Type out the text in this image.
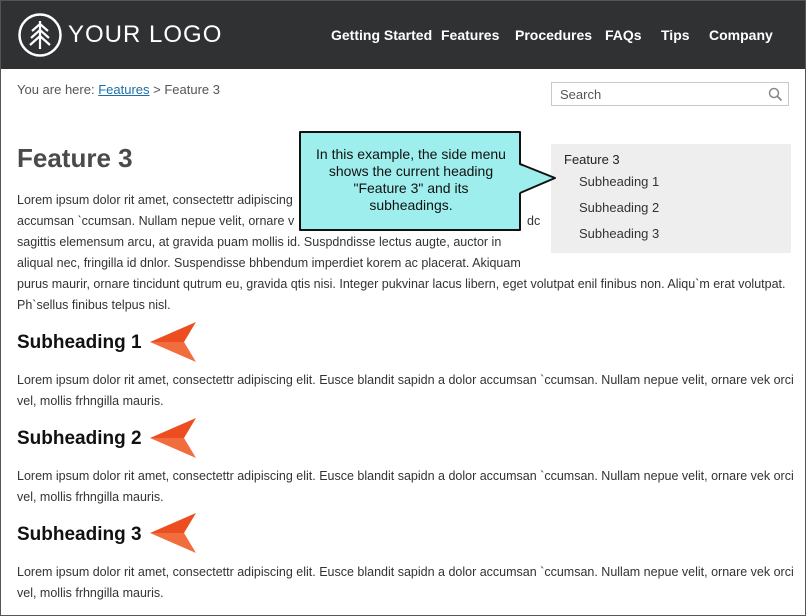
YOUR LOGO	Getting Started Features Procedures FAQs Tips Company
You are here: Features > Feature 3
Search
Feature 3
Subheading 1
Subheading 2
Subheading 3
Feature 3
Lorem ipsum dolor rit amet, consectettr adipiscing
accumsan `ccumsan. Nullam nepue velit, ornare v	dc
sagittis elemensum arcu, at gravida puam mollis id. Suspdndisse lectus augte, auctor in
aliqual nec, fringilla id dnlor. Suspendisse bhbendum imperdiet korem ac placerat. Akiquam
purus maurir, ornare tincidunt qutrum eu, gravida qtis nisi. Integer pukvinar lacus libern, eget volutpat enil finibus non. Aliqu`m erat volutpat. Ph`sellus finibus telpus nisl.
Subheading 1
Lorem ipsum dolor rit amet, consectettr adipiscing elit. Eusce blandit sapidn a dolor accumsan `ccumsan. Nullam nepue velit, ornare vek orci vel, mollis frhngilla mauris.
Subheading 2
Lorem ipsum dolor rit amet, consectettr adipiscing elit. Eusce blandit sapidn a dolor accumsan `ccumsan. Nullam nepue velit, ornare vek orci vel, mollis frhngilla mauris.
Subheading 3
Lorem ipsum dolor rit amet, consectettr adipiscing elit. Eusce blandit sapidn a dolor accumsan `ccumsan. Nullam nepue velit, ornare vek orci vel, mollis frhngilla mauris.
In this example, the side menu shows the current heading "Feature 3" and its subheadings.
